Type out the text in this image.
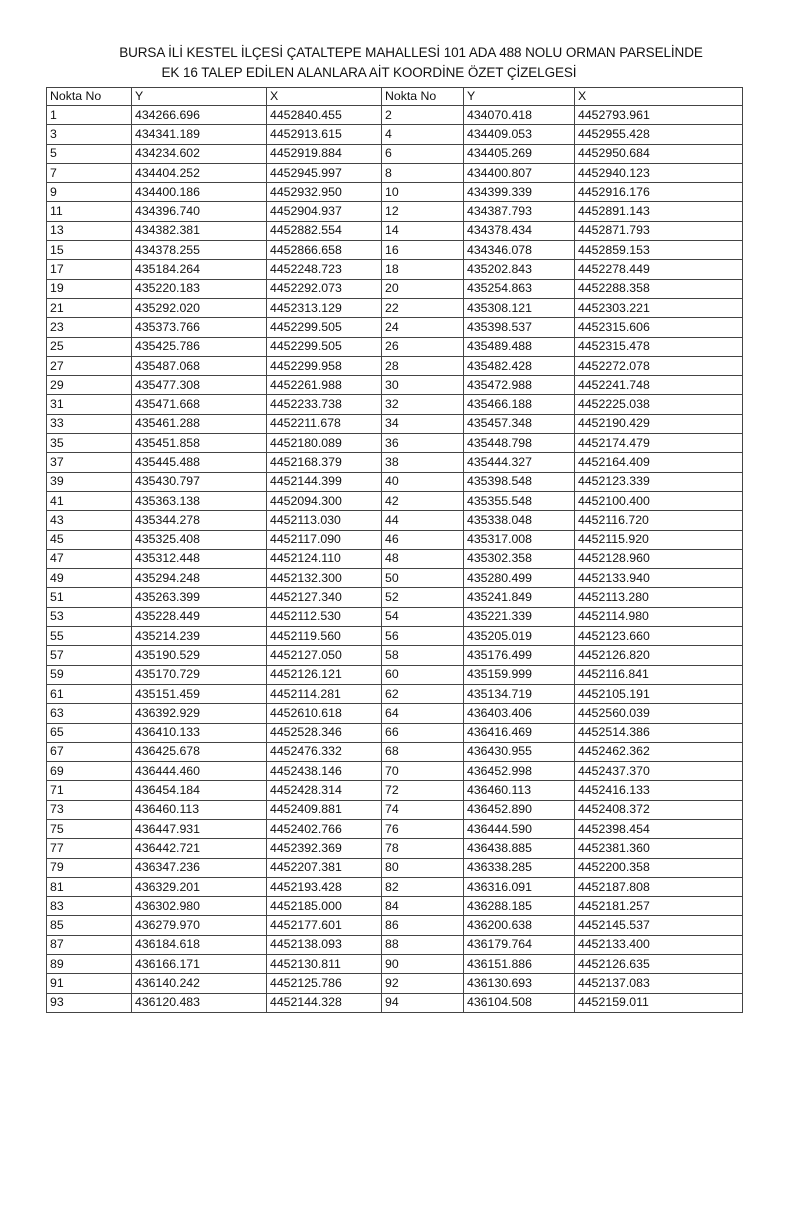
BURSA İLİ KESTEL İLÇESİ ÇATALTEPE MAHALLESİ 101 ADA 488 NOLU ORMAN PARSELİNDE
EK 16 TALEP EDİLEN ALANLARA AİT KOORDİNE ÖZET ÇİZELGESİ
Nokta No	Y	X	Nokta No	Y	X
1	434266.696	4452840.455	2	434070.418	4452793.961
3	434341.189	4452913.615	4	434409.053	4452955.428
5	434234.602	4452919.884	6	434405.269	4452950.684
7	434404.252	4452945.997	8	434400.807	4452940.123
9	434400.186	4452932.950	10	434399.339	4452916.176
11	434396.740	4452904.937	12	434387.793	4452891.143
13	434382.381	4452882.554	14	434378.434	4452871.793
15	434378.255	4452866.658	16	434346.078	4452859.153
17	435184.264	4452248.723	18	435202.843	4452278.449
19	435220.183	4452292.073	20	435254.863	4452288.358
21	435292.020	4452313.129	22	435308.121	4452303.221
23	435373.766	4452299.505	24	435398.537	4452315.606
25	435425.786	4452299.505	26	435489.488	4452315.478
27	435487.068	4452299.958	28	435482.428	4452272.078
29	435477.308	4452261.988	30	435472.988	4452241.748
31	435471.668	4452233.738	32	435466.188	4452225.038
33	435461.288	4452211.678	34	435457.348	4452190.429
35	435451.858	4452180.089	36	435448.798	4452174.479
37	435445.488	4452168.379	38	435444.327	4452164.409
39	435430.797	4452144.399	40	435398.548	4452123.339
41	435363.138	4452094.300	42	435355.548	4452100.400
43	435344.278	4452113.030	44	435338.048	4452116.720
45	435325.408	4452117.090	46	435317.008	4452115.920
47	435312.448	4452124.110	48	435302.358	4452128.960
49	435294.248	4452132.300	50	435280.499	4452133.940
51	435263.399	4452127.340	52	435241.849	4452113.280
53	435228.449	4452112.530	54	435221.339	4452114.980
55	435214.239	4452119.560	56	435205.019	4452123.660
57	435190.529	4452127.050	58	435176.499	4452126.820
59	435170.729	4452126.121	60	435159.999	4452116.841
61	435151.459	4452114.281	62	435134.719	4452105.191
63	436392.929	4452610.618	64	436403.406	4452560.039
65	436410.133	4452528.346	66	436416.469	4452514.386
67	436425.678	4452476.332	68	436430.955	4452462.362
69	436444.460	4452438.146	70	436452.998	4452437.370
71	436454.184	4452428.314	72	436460.113	4452416.133
73	436460.113	4452409.881	74	436452.890	4452408.372
75	436447.931	4452402.766	76	436444.590	4452398.454
77	436442.721	4452392.369	78	436438.885	4452381.360
79	436347.236	4452207.381	80	436338.285	4452200.358
81	436329.201	4452193.428	82	436316.091	4452187.808
83	436302.980	4452185.000	84	436288.185	4452181.257
85	436279.970	4452177.601	86	436200.638	4452145.537
87	436184.618	4452138.093	88	436179.764	4452133.400
89	436166.171	4452130.811	90	436151.886	4452126.635
91	436140.242	4452125.786	92	436130.693	4452137.083
93	436120.483	4452144.328	94	436104.508	4452159.011
